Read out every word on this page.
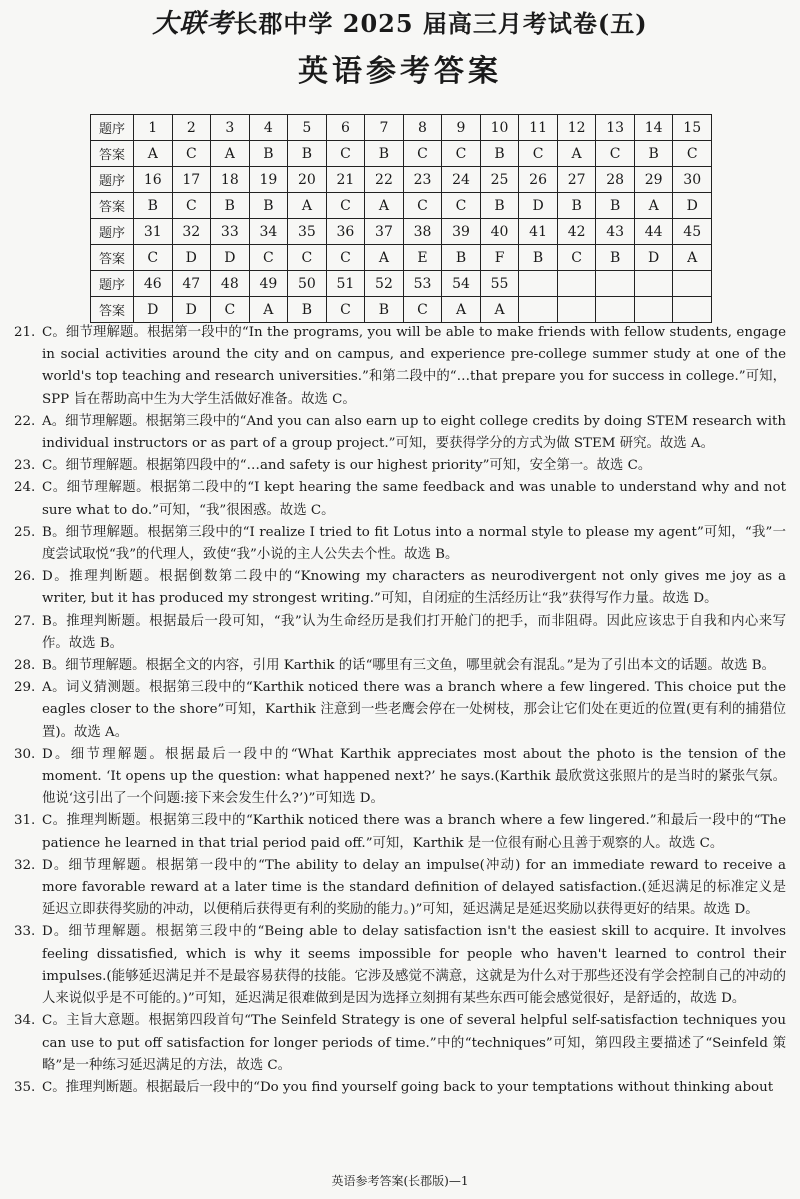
大联考长郡中学 2025 届高三月考试卷(五)
英语参考答案
题序	1	2	3	4	5	6	7	8	9	10	11	12	13	14	15
答案	A	C	A	B	B	C	B	C	C	B	C	A	C	B	C
题序	16	17	18	19	20	21	22	23	24	25	26	27	28	29	30
答案	B	C	B	B	A	C	A	C	C	B	D	B	B	A	D
题序	31	32	33	34	35	36	37	38	39	40	41	42	43	44	45
答案	C	D	D	C	C	C	A	E	B	F	B	C	B	D	A
题序	46	47	48	49	50	51	52	53	54	55					
答案	D	D	C	A	B	C	B	C	A	A					
21. C。细节理解题。根据第一段中的“In the programs, you will be able to make friends with fellow students, engage in social activities around the city and on campus, and experience pre-college summer study at one of the world's top teaching and research universities.”和第二段中的“…that prepare you for success in college.”可知，SPP 旨在帮助高中生为大学生活做好准备。故选 C。
22. A。细节理解题。根据第三段中的“And you can also earn up to eight college credits by doing STEM research with individual instructors or as part of a group project.”可知，要获得学分的方式为做 STEM 研究。故选 A。
23. C。细节理解题。根据第四段中的“…and safety is our highest priority”可知，安全第一。故选 C。
24. C。细节理解题。根据第二段中的“I kept hearing the same feedback and was unable to understand why and not sure what to do.”可知，“我”很困惑。故选 C。
25. B。细节理解题。根据第三段中的“I realize I tried to fit Lotus into a normal style to please my agent”可知，“我”一度尝试取悦“我”的代理人，致使“我”小说的主人公失去个性。故选 B。
26. D。推理判断题。根据倒数第二段中的“Knowing my characters as neurodivergent not only gives me joy as a writer, but it has produced my strongest writing.”可知，自闭症的生活经历让“我”获得写作力量。故选 D。
27. B。推理判断题。根据最后一段可知，“我”认为生命经历是我们打开舱门的把手，而非阻碍。因此应该忠于自我和内心来写作。故选 B。
28. B。细节理解题。根据全文的内容，引用 Karthik 的话“哪里有三文鱼，哪里就会有混乱。”是为了引出本文的话题。故选 B。
29. A。词义猜测题。根据第三段中的“Karthik noticed there was a branch where a few lingered. This choice put the eagles closer to the shore”可知，Karthik 注意到一些老鹰会停在一处树枝，那会让它们处在更近的位置(更有利的捕猎位置)。故选 A。
30. D。细节理解题。根据最后一段中的“What Karthik appreciates most about the photo is the tension of the moment. ‘It opens up the question: what happened next?’ he says.(Karthik 最欣赏这张照片的是当时的紧张气氛。他说‘这引出了一个问题:接下来会发生什么?’)”可知选 D。
31. C。推理判断题。根据第三段中的“Karthik noticed there was a branch where a few lingered.”和最后一段中的“The patience he learned in that trial period paid off.”可知，Karthik 是一位很有耐心且善于观察的人。故选 C。
32. D。细节理解题。根据第一段中的“The ability to delay an impulse(冲动) for an immediate reward to receive a more favorable reward at a later time is the standard definition of delayed satisfaction.(延迟满足的标准定义是延迟立即获得奖励的冲动，以便稍后获得更有利的奖励的能力。)”可知，延迟满足是延迟奖励以获得更好的结果。故选 D。
33. D。细节理解题。根据第三段中的“Being able to delay satisfaction isn't the easiest skill to acquire. It involves feeling dissatisfied, which is why it seems impossible for people who haven't learned to control their impulses.(能够延迟满足并不是最容易获得的技能。它涉及感觉不满意，这就是为什么对于那些还没有学会控制自己的冲动的人来说似乎是不可能的。)”可知，延迟满足很难做到是因为选择立刻拥有某些东西可能会感觉很好，是舒适的，故选 D。
34. C。主旨大意题。根据第四段首句“The Seinfeld Strategy is one of several helpful self-satisfaction techniques you can use to put off satisfaction for longer periods of time.”中的“techniques”可知，第四段主要描述了“Seinfeld 策略”是一种练习延迟满足的方法，故选 C。
35. C。推理判断题。根据最后一段中的“Do you find yourself going back to your temptations without thinking about
英语参考答案(长郡版)—1
